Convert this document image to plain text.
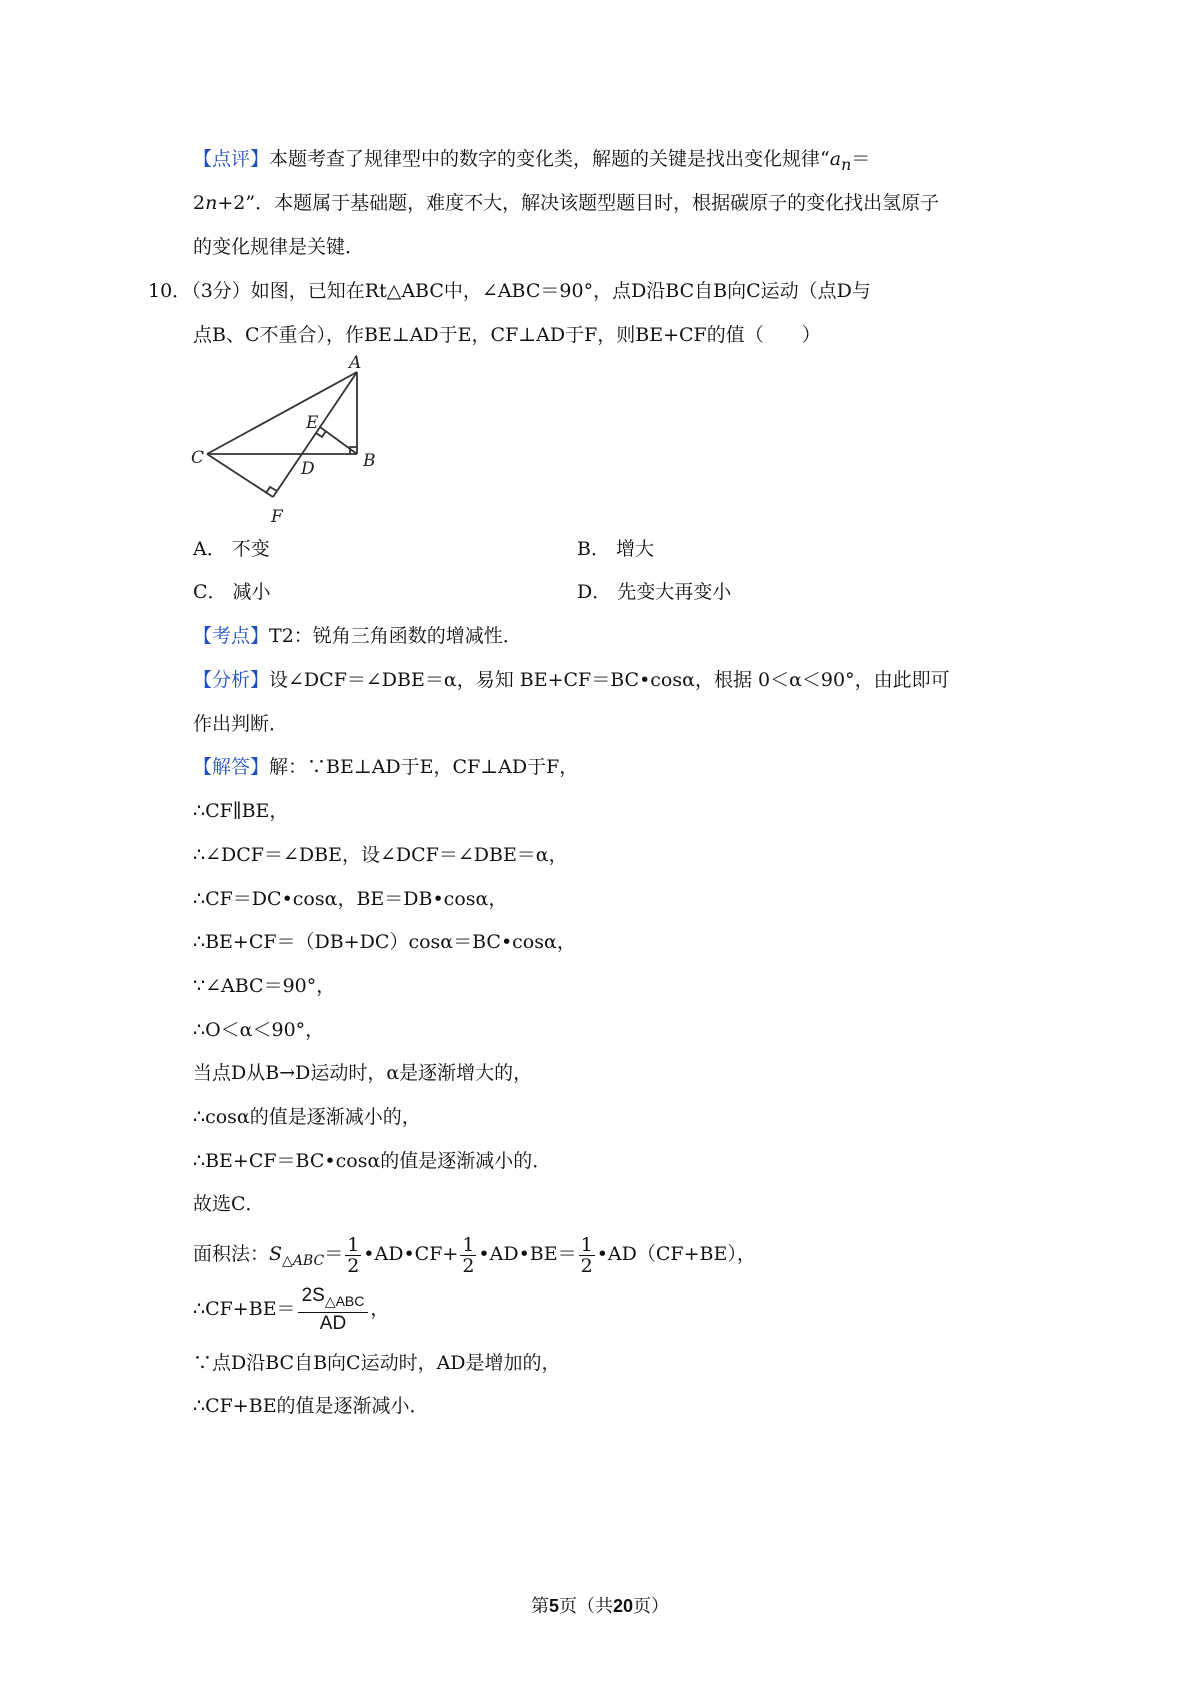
【点评】本题考查了规律型中的数字的变化类，解题的关键是找出变化规律“$a_n=$
2n+2”．本题属于基础题，难度不大，解决该题型题目时，根据碳原子的变化找出氢原子
的变化规律是关键．
10．（3分）如图，已知在Rt△ABC中，∠ABC＝90°，点D沿BC自B向C运动（点D与
点B、C不重合），作BE⊥AD于E，CF⊥AD于F，则BE+CF的值（　　）
A
B
C
D
E
F
A． 不变	B． 增大
C． 减小	D． 先变大再变小
【考点】T2：锐角三角函数的增减性．
【分析】设∠DCF＝∠DBE＝α，易知 BE+CF＝BC•cosα，根据 0＜α＜90°，由此即可
作出判断．
【解答】解：∵BE⊥AD于E，CF⊥AD于F，
∴CF∥BE，
∴∠DCF＝∠DBE，设∠DCF＝∠DBE＝α，
∴CF＝DC•cosα，BE＝DB•cosα，
∴BE+CF＝（DB+DC）cosα＝BC•cosα，
∵∠ABC＝90°，
∴O＜α＜90°，
当点D从B→D运动时，α是逐渐增大的，
∴cosα的值是逐渐减小的，
∴BE+CF＝BC•cosα的值是逐渐减小的．
故选C．
面积法：$S_{\triangle ABC}= \frac{1}{2}$ •AD•CF+ $\frac{1}{2}$ •AD•BE＝ $\frac{1}{2}$ •AD（CF+BE），
∴CF+BE＝ $\frac{2S_{\triangle ABC}}{AD}$ ，
∵点D沿BC自B向C运动时，AD是增加的，
∴CF+BE的值是逐渐减小．
第5页（共20页）
